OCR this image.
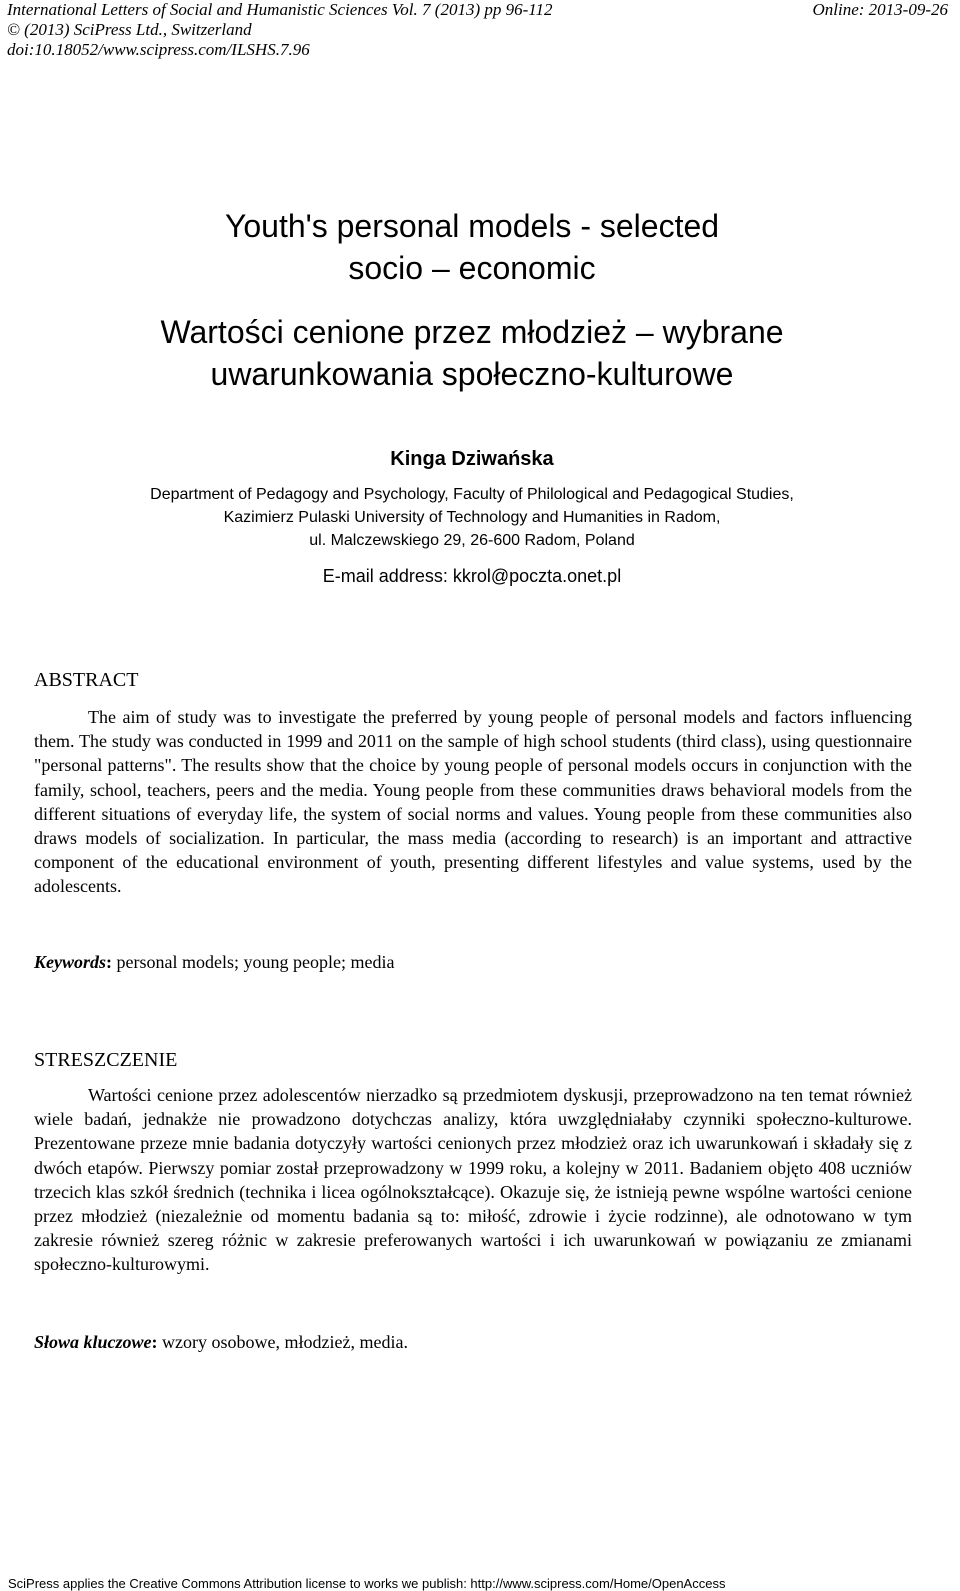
International Letters of Social and Humanistic Sciences Vol. 7 (2013) pp 96-112
© (2013) SciPress Ltd., Switzerland
doi:10.18052/www.scipress.com/ILSHS.7.96
Online: 2013-09-26
Youth's personal models - selected
socio – economic
Wartości cenione przez młodzież – wybrane
uwarunkowania społeczno-kulturowe
Kinga Dziwańska
Department of Pedagogy and Psychology, Faculty of Philological and Pedagogical Studies,
Kazimierz Pulaski University of Technology and Humanities in Radom,
ul. Malczewskiego 29, 26-600 Radom, Poland
E-mail address: kkrol@poczta.onet.pl
ABSTRACT
The aim of study was to investigate the preferred by young people of personal models and factors influencing them. The study was conducted in 1999 and 2011 on the sample of high school students (third class), using questionnaire "personal patterns". The results show that the choice by young people of personal models occurs in conjunction with the family, school, teachers, peers and the media. Young people from these communities draws behavioral models from the different situations of everyday life, the system of social norms and values. Young people from these communities also draws models of socialization. In particular, the mass media (according to research) is an important and attractive component of the educational environment of youth, presenting different lifestyles and value systems, used by the adolescents.
Keywords: personal models; young people; media
STRESZCZENIE
Wartości cenione przez adolescentów nierzadko są przedmiotem dyskusji, przeprowadzono na ten temat również wiele badań, jednakże nie prowadzono dotychczas analizy, która uwzględniałaby czynniki społeczno-kulturowe. Prezentowane przeze mnie badania dotyczyły wartości cenionych przez młodzież oraz ich uwarunkowań i składały się z dwóch etapów. Pierwszy pomiar został przeprowadzony w 1999 roku, a kolejny w 2011. Badaniem objęto 408 uczniów trzecich klas szkół średnich (technika i licea ogólnokształcące). Okazuje się, że istnieją pewne wspólne wartości cenione przez młodzież (niezależnie od momentu badania są to: miłość, zdrowie i życie rodzinne), ale odnotowano w tym zakresie również szereg różnic w zakresie preferowanych wartości i ich uwarunkowań w powiązaniu ze zmianami społeczno-kulturowymi.
Słowa kluczowe: wzory osobowe, młodzież, media.
SciPress applies the Creative Commons Attribution license to works we publish: http://www.scipress.com/Home/OpenAccess
